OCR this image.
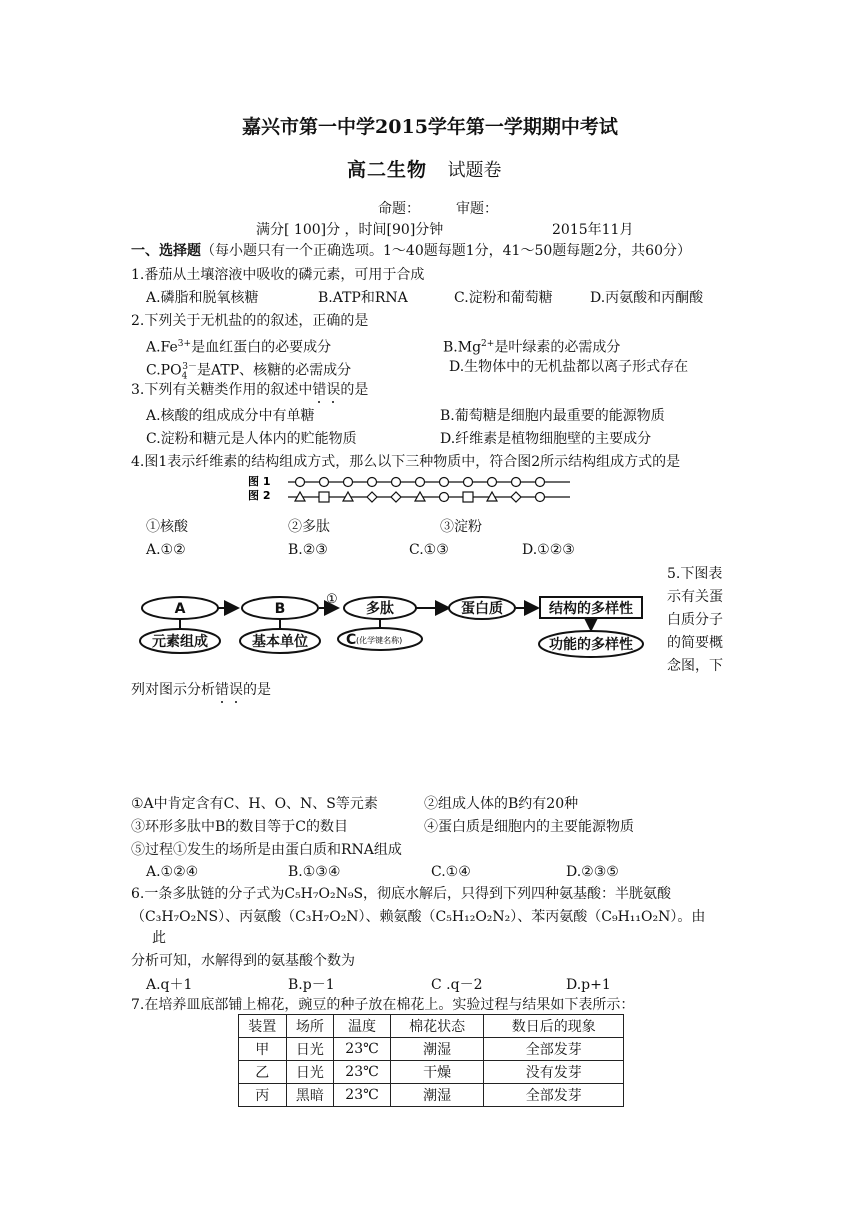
嘉兴市第一中学2015学年第一学期期中考试
高二生物 试题卷
命题：	审题：
满分[ 100]分 ，时间[90]分钟	2015年11月
一、选择题（每小题只有一个正确选项。1～40题每题1分，41～50题每题2分，共60分）
1.番茄从土壤溶液中吸收的磷元素，可用于合成
A.磷脂和脱氧核糖	B.ATP和RNA	C.淀粉和葡萄糖	D.丙氨酸和丙酮酸
2.下列关于无机盐的的叙述，正确的是
$A.Fe^{3+}$是血红蛋白的必要成分	$B.Mg^{2+}$是叶绿素的必需成分
$C.PO_4^{3-}$是ATP、核糖的必需成分	D.生物体中的无机盐都以离子形式存在
3.下列有关糖类作用的叙述中错误的是
A.核酸的组成成分中有单糖	B.葡萄糖是细胞内最重要的能源物质
C.淀粉和糖元是人体内的贮能物质	D.纤维素是植物细胞壁的主要成分
4.图1表示纤维素的结构组成方式，那么以下三种物质中，符合图2所示结构组成方式的是
图 1
图 2
①核酸	②多肽	③淀粉
A.①②	B.②③	C.①③	D.①②③
5.下图表
示有关蛋
白质分子
的简要概
念图，下
A	B
①
多肽	蛋白质	结构的多样性
元素组成	基本单位	C (化学键名称)	功能的多样性
列对图示分析错误的是
①A中肯定含有C、H、O、N、S等元素	②组成人体的B约有20种
③环形多肽中B的数目等于C的数目	④蛋白质是细胞内的主要能源物质
⑤过程①发生的场所是由蛋白质和RNA组成
A.①②④	B.①③④	C.①④	D.②③⑤
6.一条多肽链的分子式为C₅H₇O₂N₉S，彻底水解后，只得到下列四种氨基酸：半胱氨酸
（C₃H₇O₂NS）、丙氨酸（C₃H₇O₂N）、赖氨酸（C₅H₁₂O₂N₂）、苯丙氨酸（C₉H₁₁O₂N）。由
此
分析可知，水解得到的氨基酸个数为
A.q＋1	B.p－1	C .q－2	D.p+1
7.在培养皿底部铺上棉花，豌豆的种子放在棉花上。实验过程与结果如下表所示：
装置	场所	温度	棉花状态	数日后的现象
甲	日光	23℃	潮湿	全部发芽
乙	日光	23℃	干燥	没有发芽
丙	黑暗	23℃	潮湿	全部发芽
